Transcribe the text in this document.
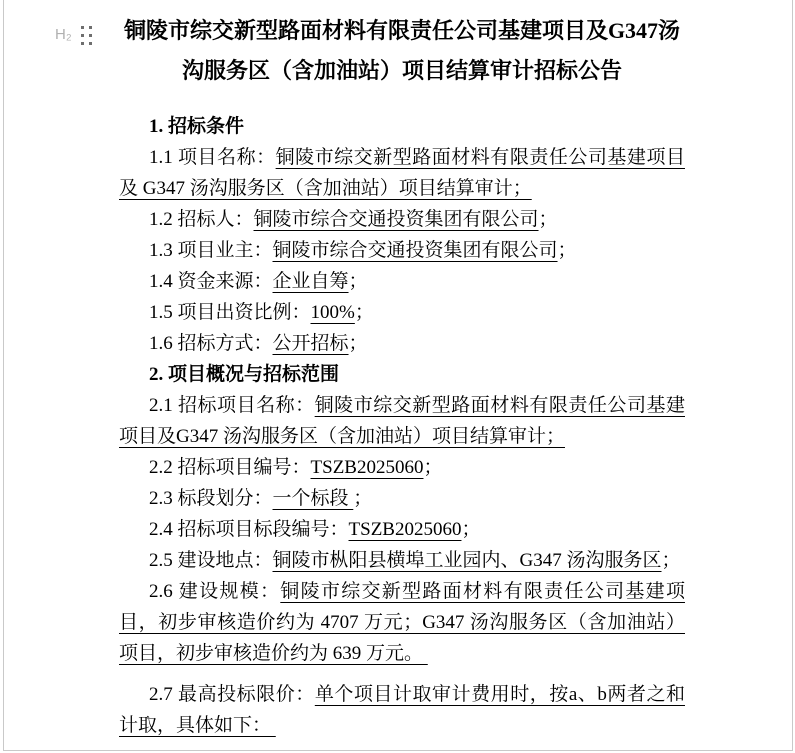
H₂ 铜陵市综交新型路面材料有限责任公司基建项目及G347汤沟服务区（含加油站）项目结算审计招标公告

1. 招标条件

1.1 项目名称：铜陵市综交新型路面材料有限责任公司基建项目及 G347 汤沟服务区（含加油站）项目结算审计；

1.2 招标人：铜陵市综合交通投资集团有限公司；

1.3 项目业主：铜陵市综合交通投资集团有限公司；

1.4 资金来源：企业自筹；

1.5 项目出资比例：100%；

1.6 招标方式：公开招标；

2. 项目概况与招标范围

2.1 招标项目名称：铜陵市综交新型路面材料有限责任公司基建项目及G347 汤沟服务区（含加油站）项目结算审计；

2.2 招标项目编号：TSZB2025060；

2.3 标段划分：一个标段 ；

2.4 招标项目标段编号：TSZB2025060；

2.5 建设地点：铜陵市枞阳县横埠工业园内、G347 汤沟服务区；

2.6 建设规模：铜陵市综交新型路面材料有限责任公司基建项目，初步审核造价约为 4707 万元；G347 汤沟服务区（含加油站）项目，初步审核造价约为 639 万元。

2.7 最高投标限价：单个项目计取审计费用时，按a、b两者之和计取，具体如下：
